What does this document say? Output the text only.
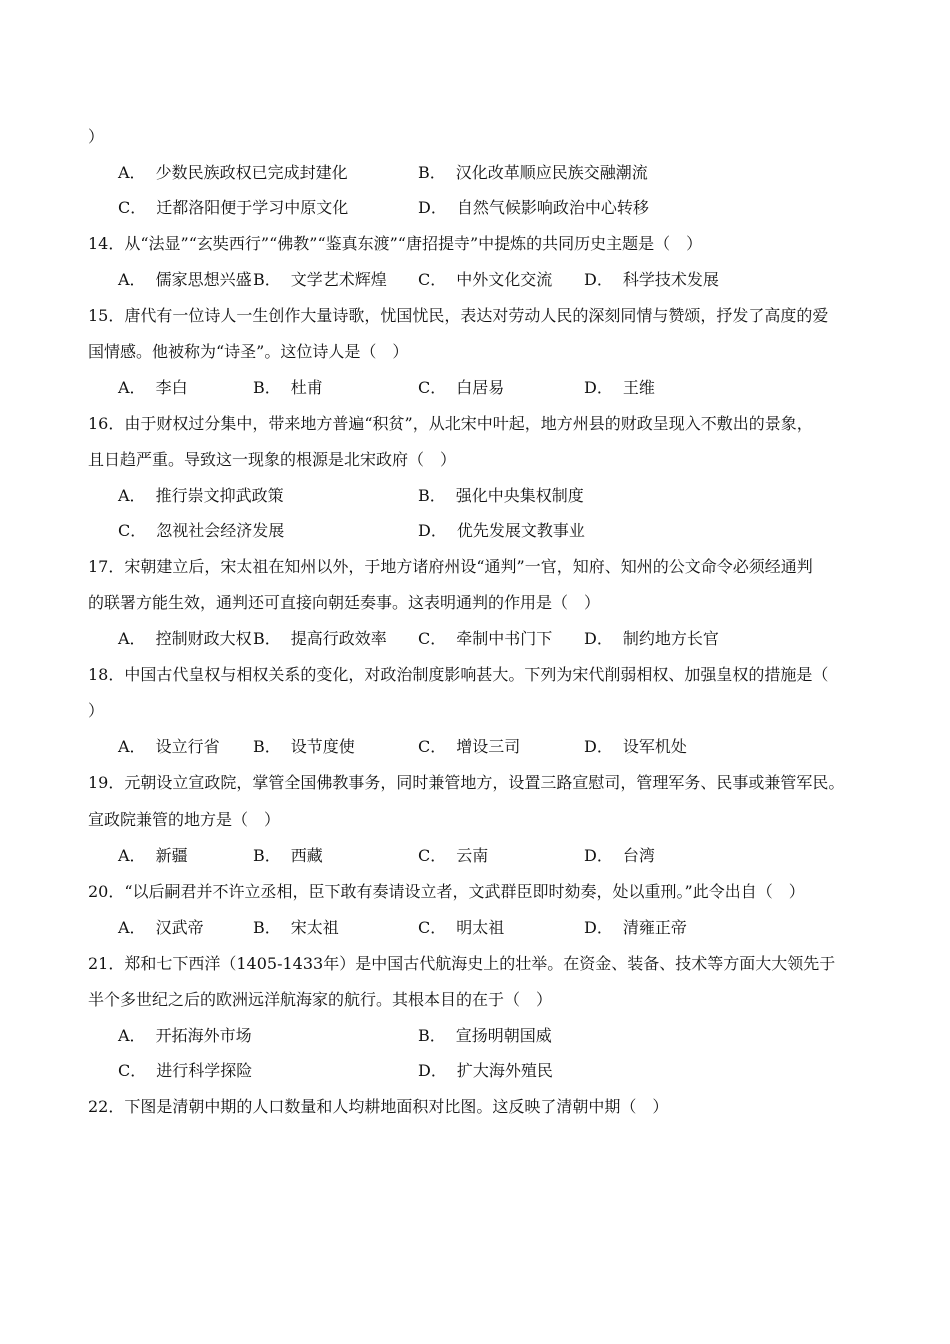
）
A． 少数民族政权已完成封建化	B． 汉化改革顺应民族交融潮流
C． 迁都洛阳便于学习中原文化	D． 自然气候影响政治中心转移
14．从“法显”“玄奘西行”“佛教”“鉴真东渡”“唐招提寺”中提炼的共同历史主题是（　）
A． 儒家思想兴盛 B． 文学艺术辉煌 C． 中外文化交流 D． 科学技术发展
15．唐代有一位诗人一生创作大量诗歌，忧国忧民，表达对劳动人民的深刻同情与赞颂，抒发了高度的爱
国情感。他被称为“诗圣”。这位诗人是（　）
A． 李白	B． 杜甫	C． 白居易	D． 王维
16．由于财权过分集中，带来地方普遍“积贫”，从北宋中叶起，地方州县的财政呈现入不敷出的景象，
且日趋严重。导致这一现象的根源是北宋政府（　）
A． 推行崇文抑武政策	B． 强化中央集权制度
C． 忽视社会经济发展	D． 优先发展文教事业
17．宋朝建立后，宋太祖在知州以外，于地方诸府州设“通判”一官，知府、知州的公文命令必须经通判
的联署方能生效，通判还可直接向朝廷奏事。这表明通判的作用是（　）
A． 控制财政大权 B． 提高行政效率 C． 牵制中书门下 D． 制约地方长官
18．中国古代皇权与相权关系的变化，对政治制度影响甚大。下列为宋代削弱相权、加强皇权的措施是（
）
A． 设立行省 B． 设节度使	C． 增设三司	D． 设军机处
19．元朝设立宣政院，掌管全国佛教事务，同时兼管地方，设置三路宣慰司，管理军务、民事或兼管军民。
宣政院兼管的地方是（　）
A． 新疆	B． 西藏	C． 云南	D． 台湾
20．“以后嗣君并不许立丞相，臣下敢有奏请设立者，文武群臣即时劾奏，处以重刑。”此令出自（　）
A． 汉武帝	B． 宋太祖	C． 明太祖	D． 清雍正帝
21．郑和七下西洋（1405-1433年）是中国古代航海史上的壮举。在资金、装备、技术等方面大大领先于
半个多世纪之后的欧洲远洋航海家的航行。其根本目的在于（　）
A． 开拓海外市场	B． 宣扬明朝国威
C． 进行科学探险	D． 扩大海外殖民
22．下图是清朝中期的人口数量和人均耕地面积对比图。这反映了清朝中期（　）
